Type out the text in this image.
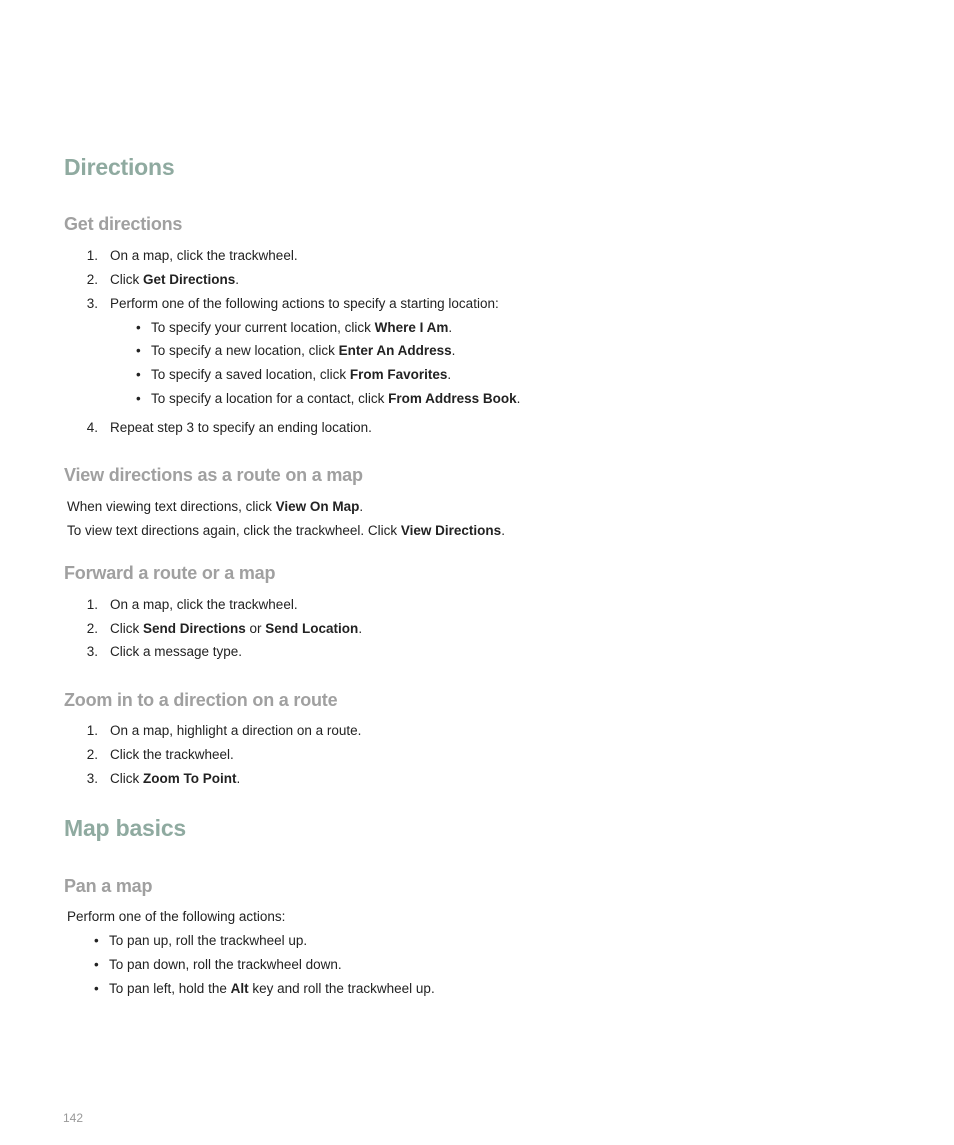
Directions
Get directions
1. On a map, click the trackwheel.
2. Click Get Directions.
3. Perform one of the following actions to specify a starting location:
• To specify your current location, click Where I Am.
• To specify a new location, click Enter An Address.
• To specify a saved location, click From Favorites.
• To specify a location for a contact, click From Address Book.
4. Repeat step 3 to specify an ending location.
View directions as a route on a map
When viewing text directions, click View On Map.
To view text directions again, click the trackwheel. Click View Directions.
Forward a route or a map
1. On a map, click the trackwheel.
2. Click Send Directions or Send Location.
3. Click a message type.
Zoom in to a direction on a route
1. On a map, highlight a direction on a route.
2. Click the trackwheel.
3. Click Zoom To Point.
Map basics
Pan a map
Perform one of the following actions:
• To pan up, roll the trackwheel up.
• To pan down, roll the trackwheel down.
• To pan left, hold the Alt key and roll the trackwheel up.
142
